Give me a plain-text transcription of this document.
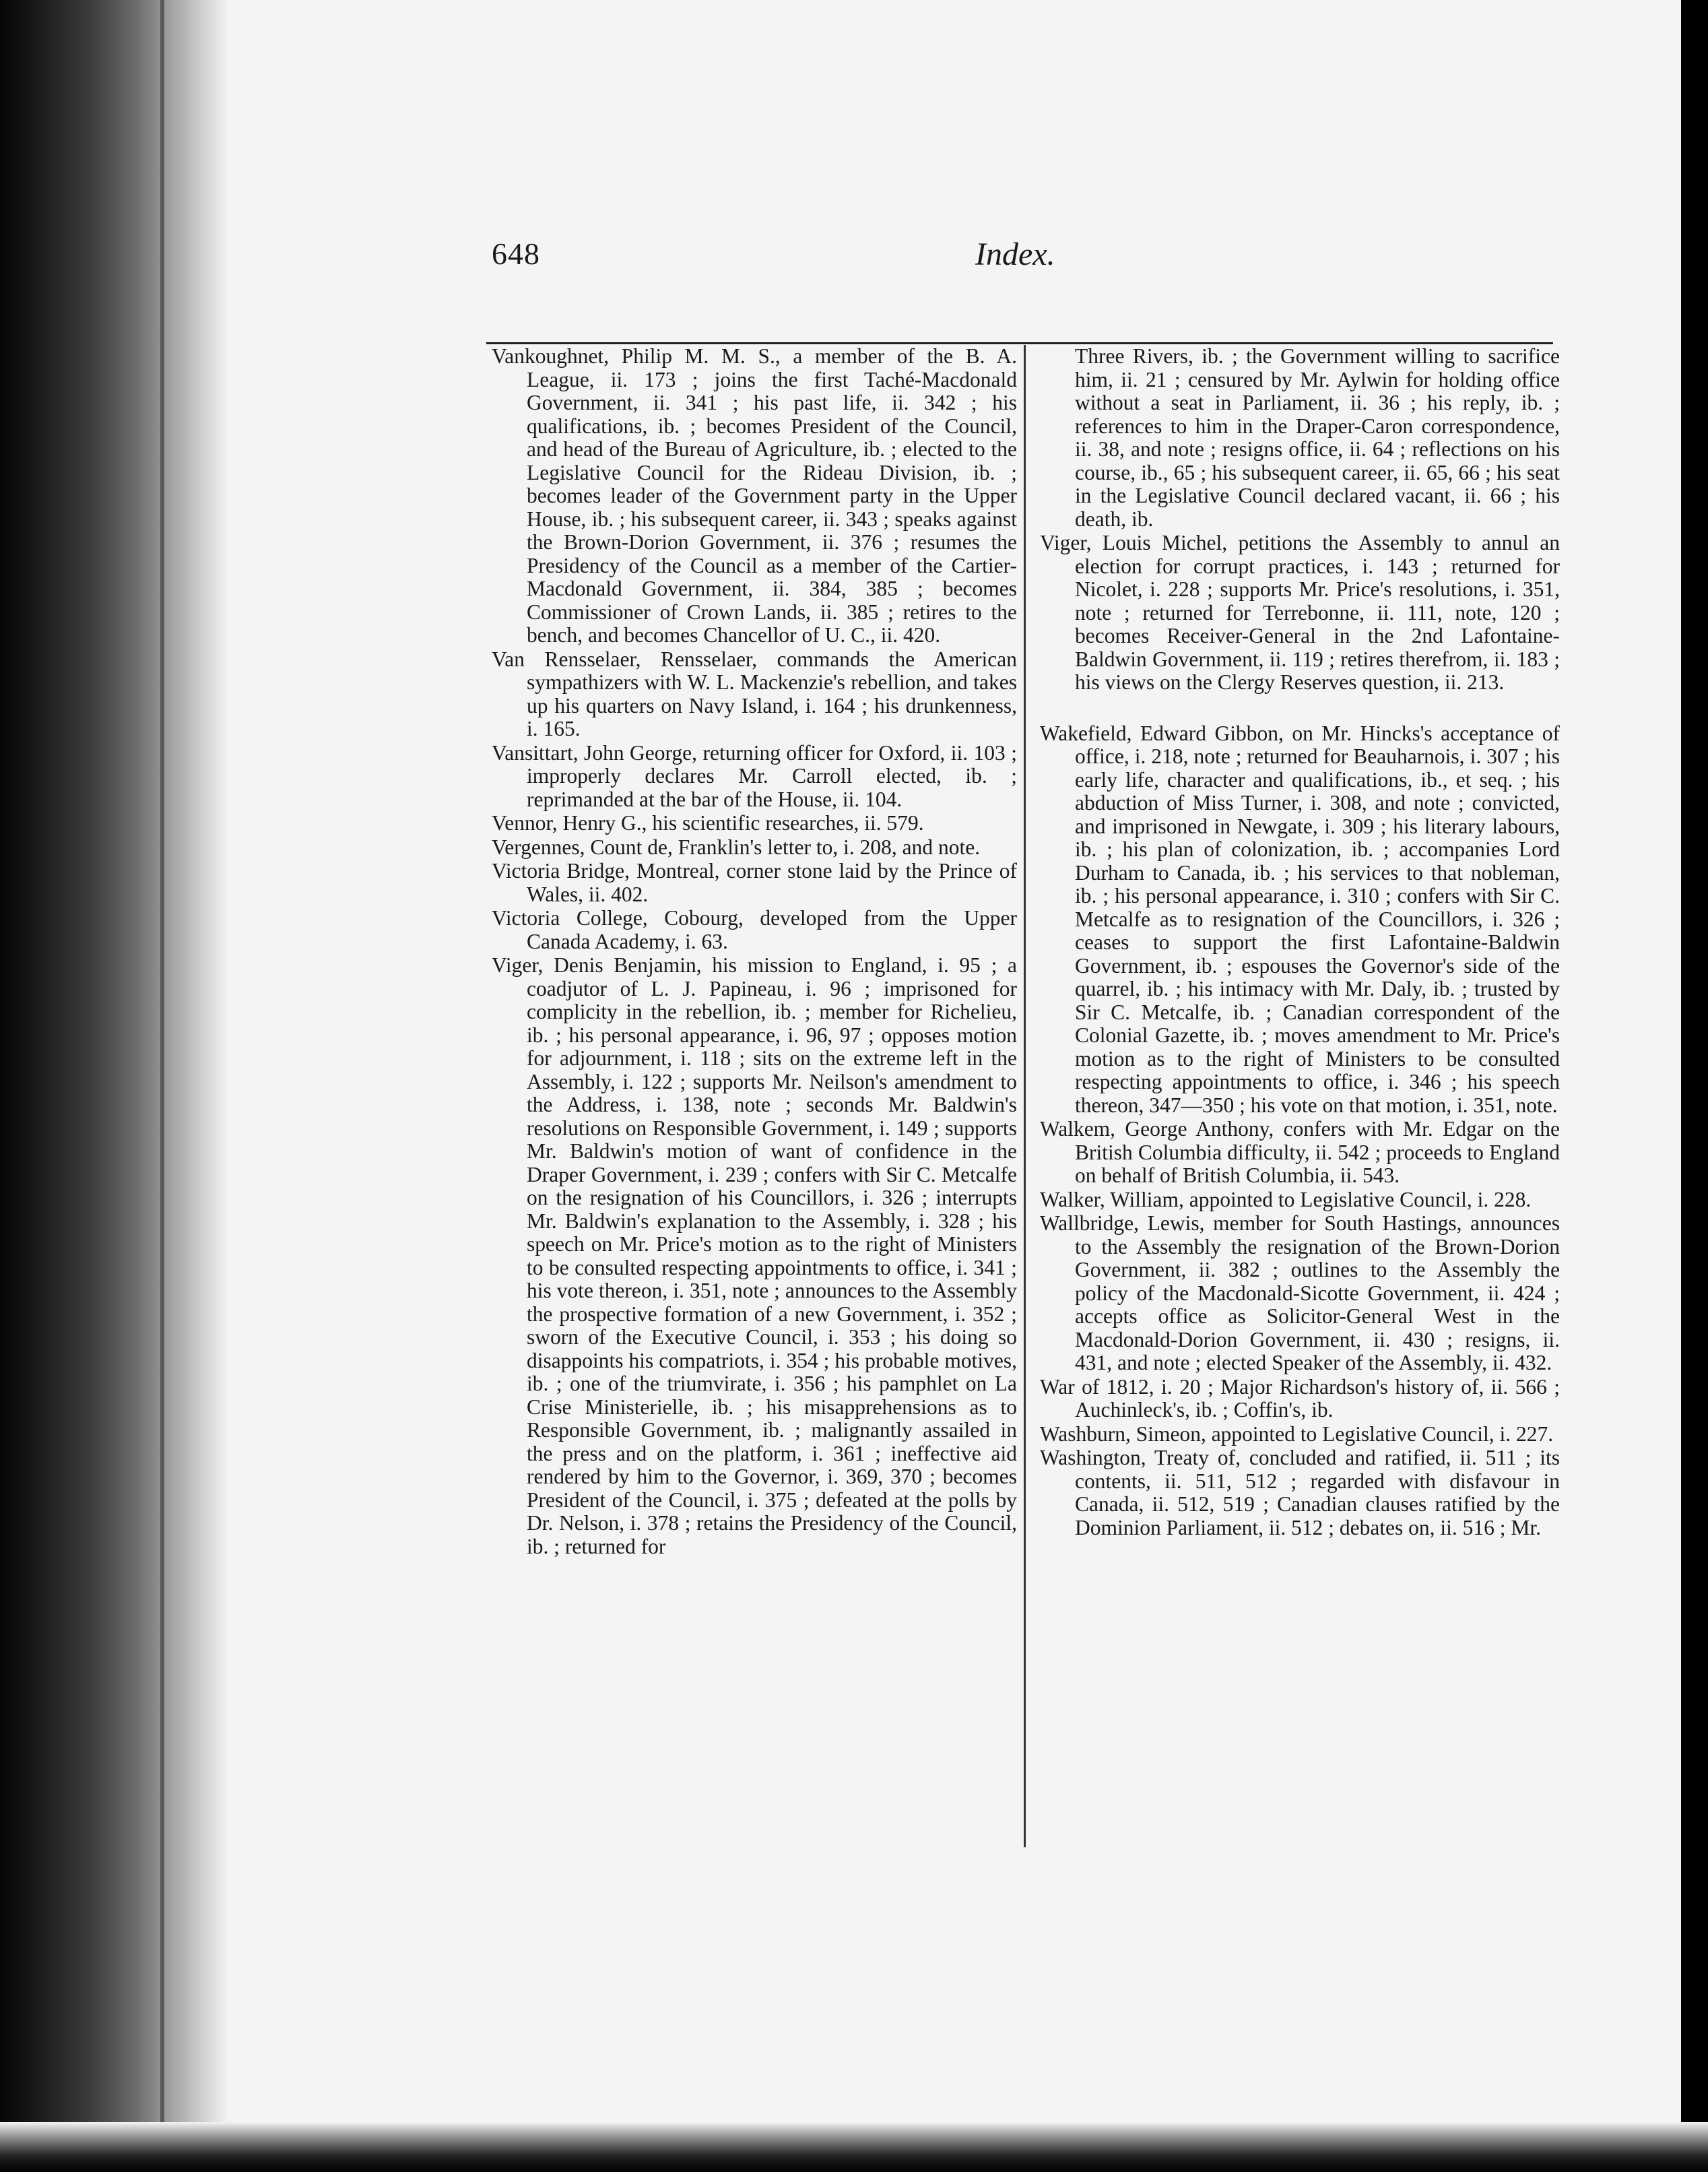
648	Index.

Vankoughnet, Philip M. M. S., a member of the B. A. League, ii. 173 ; joins the first Taché-Macdonald Government, ii. 341 ; his past life, ii. 342 ; his qualifications, ib. ; becomes President of the Council, and head of the Bureau of Agriculture, ib. ; elected to the Legislative Council for the Rideau Division, ib. ; becomes leader of the Government party in the Upper House, ib. ; his subsequent career, ii. 343 ; speaks against the Brown-Dorion Government, ii. 376 ; resumes the Presidency of the Council as a member of the Cartier-Macdonald Government, ii. 384, 385 ; becomes Commissioner of Crown Lands, ii. 385 ; retires to the bench, and becomes Chancellor of U. C., ii. 420.

Van Rensselaer, Rensselaer, commands the American sympathizers with W. L. Mackenzie's rebellion, and takes up his quarters on Navy Island, i. 164 ; his drunkenness, i. 165.

Vansittart, John George, returning officer for Oxford, ii. 103 ; improperly declares Mr. Carroll elected, ib. ; reprimanded at the bar of the House, ii. 104.

Vennor, Henry G., his scientific researches, ii. 579.

Vergennes, Count de, Franklin's letter to, i. 208, and note.

Victoria Bridge, Montreal, corner stone laid by the Prince of Wales, ii. 402.

Victoria College, Cobourg, developed from the Upper Canada Academy, i. 63.

Viger, Denis Benjamin, his mission to England, i. 95 ; a coadjutor of L. J. Papineau, i. 96 ; imprisoned for complicity in the rebellion, ib. ; member for Richelieu, ib. ; his personal appearance, i. 96, 97 ; opposes motion for adjournment, i. 118 ; sits on the extreme left in the Assembly, i. 122 ; supports Mr. Neilson's amendment to the Address, i. 138, note ; seconds Mr. Baldwin's resolutions on Responsible Government, i. 149 ; supports Mr. Baldwin's motion of want of confidence in the Draper Government, i. 239 ; confers with Sir C. Metcalfe on the resignation of his Councillors, i. 326 ; interrupts Mr. Baldwin's explanation to the Assembly, i. 328 ; his speech on Mr. Price's motion as to the right of Ministers to be consulted respecting appointments to office, i. 341 ; his vote thereon, i. 351, note ; announces to the Assembly the prospective formation of a new Government, i. 352 ; sworn of the Executive Council, i. 353 ; his doing so disappoints his compatriots, i. 354 ; his probable motives, ib. ; one of the triumvirate, i. 356 ; his pamphlet on La Crise Ministerielle, ib. ; his misapprehensions as to Responsible Government, ib. ; malignantly assailed in the press and on the platform, i. 361 ; ineffective aid rendered by him to the Governor, i. 369, 370 ; becomes President of the Council, i. 375 ; defeated at the polls by Dr. Nelson, i. 378 ; retains the Presidency of the Council, ib. ; returned for

Three Rivers, ib. ; the Government willing to sacrifice him, ii. 21 ; censured by Mr. Aylwin for holding office without a seat in Parliament, ii. 36 ; his reply, ib. ; references to him in the Draper-Caron correspondence, ii. 38, and note ; resigns office, ii. 64 ; reflections on his course, ib., 65 ; his subsequent career, ii. 65, 66 ; his seat in the Legislative Council declared vacant, ii. 66 ; his death, ib.

Viger, Louis Michel, petitions the Assembly to annul an election for corrupt practices, i. 143 ; returned for Nicolet, i. 228 ; supports Mr. Price's resolutions, i. 351, note ; returned for Terrebonne, ii. 111, note, 120 ; becomes Receiver-General in the 2nd Lafontaine-Baldwin Government, ii. 119 ; retires therefrom, ii. 183 ; his views on the Clergy Reserves question, ii. 213.

Wakefield, Edward Gibbon, on Mr. Hincks's acceptance of office, i. 218, note ; returned for Beauharnois, i. 307 ; his early life, character and qualifications, ib., et seq. ; his abduction of Miss Turner, i. 308, and note ; convicted, and imprisoned in Newgate, i. 309 ; his literary labours, ib. ; his plan of colonization, ib. ; accompanies Lord Durham to Canada, ib. ; his services to that nobleman, ib. ; his personal appearance, i. 310 ; confers with Sir C. Metcalfe as to resignation of the Councillors, i. 326 ; ceases to support the first Lafontaine-Baldwin Government, ib. ; espouses the Governor's side of the quarrel, ib. ; his intimacy with Mr. Daly, ib. ; trusted by Sir C. Metcalfe, ib. ; Canadian correspondent of the Colonial Gazette, ib. ; moves amendment to Mr. Price's motion as to the right of Ministers to be consulted respecting appointments to office, i. 346 ; his speech thereon, 347—350 ; his vote on that motion, i. 351, note.

Walkem, George Anthony, confers with Mr. Edgar on the British Columbia difficulty, ii. 542 ; proceeds to England on behalf of British Columbia, ii. 543.

Walker, William, appointed to Legislative Council, i. 228.

Wallbridge, Lewis, member for South Hastings, announces to the Assembly the resignation of the Brown-Dorion Government, ii. 382 ; outlines to the Assembly the policy of the Macdonald-Sicotte Government, ii. 424 ; accepts office as Solicitor-General West in the Macdonald-Dorion Government, ii. 430 ; resigns, ii. 431, and note ; elected Speaker of the Assembly, ii. 432.

War of 1812, i. 20 ; Major Richardson's history of, ii. 566 ; Auchinleck's, ib. ; Coffin's, ib.

Washburn, Simeon, appointed to Legislative Council, i. 227.

Washington, Treaty of, concluded and ratified, ii. 511 ; its contents, ii. 511, 512 ; regarded with disfavour in Canada, ii. 512, 519 ; Canadian clauses ratified by the Dominion Parliament, ii. 512 ; debates on, ii. 516 ; Mr.
